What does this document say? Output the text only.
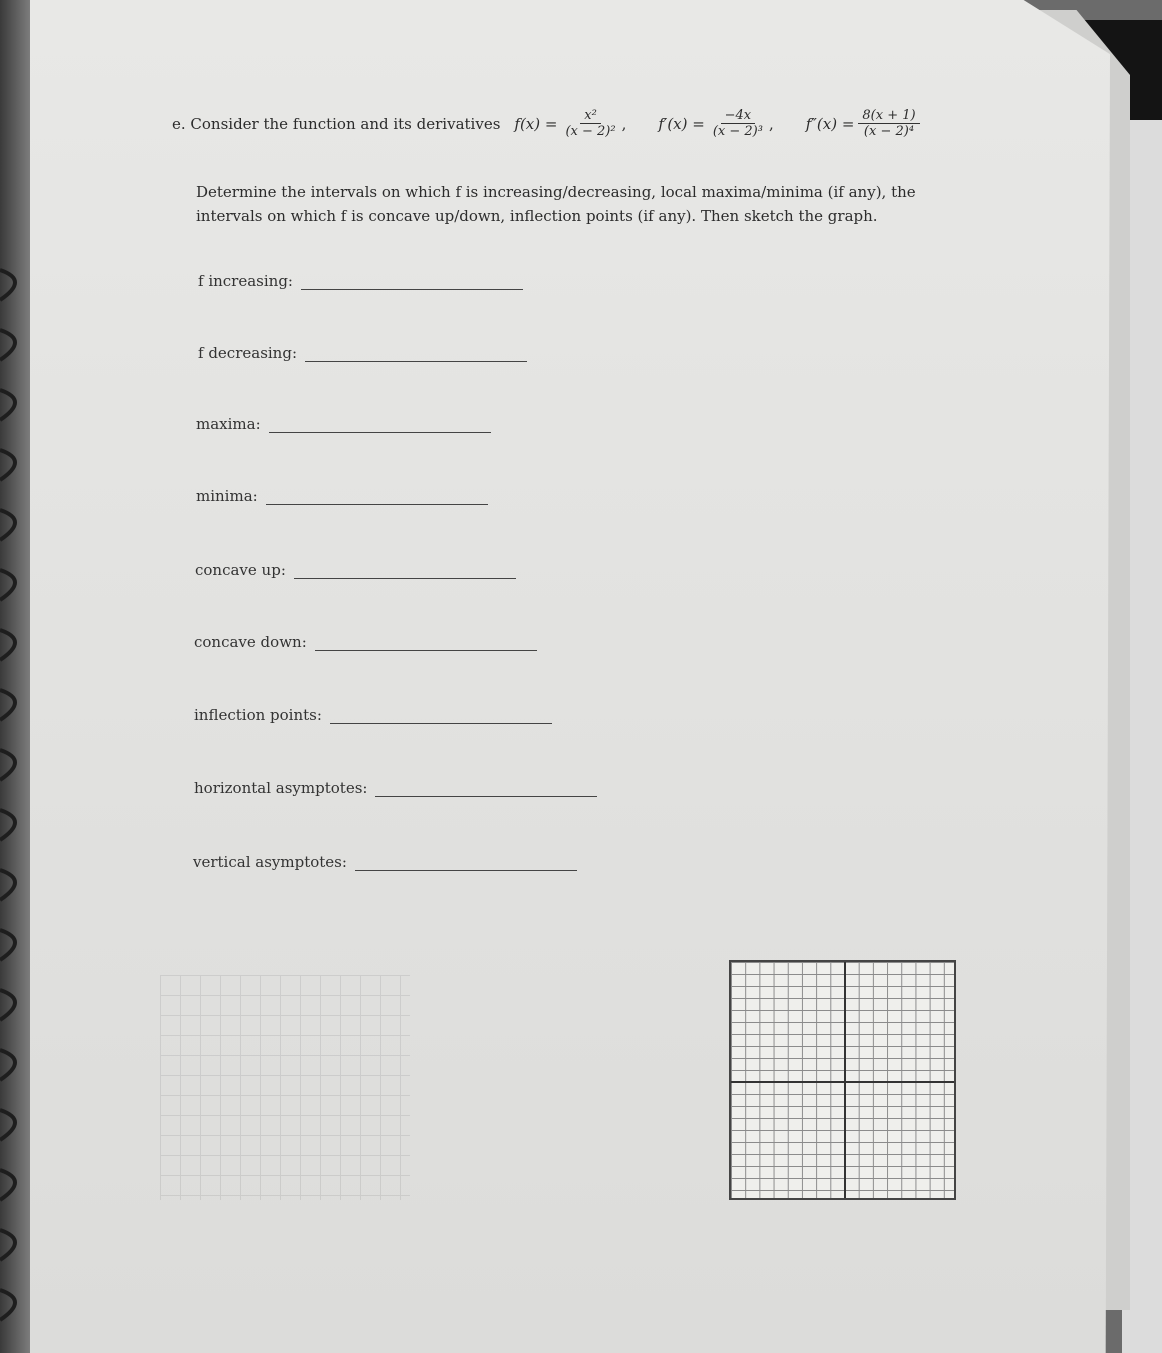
e. Consider the function and its derivatives $f(x) = \frac{\text{x²}}{\text{(x − 2)²}}$ , $f'(x) = \frac{-4x}{\text{(x − 2)³}}$ , $f''(x) = \frac{8(x + 1)}{\text{(x − 2)⁴}}$
Determine the intervals on which f is increasing/decreasing, local maxima/minima (if any), the intervals on which f is concave up/down, inflection points (if any). Then sketch the graph.
f increasing:
f decreasing:
maxima:
minima:
concave up:
concave down:
inflection points:
horizontal asymptotes:
vertical asymptotes:
